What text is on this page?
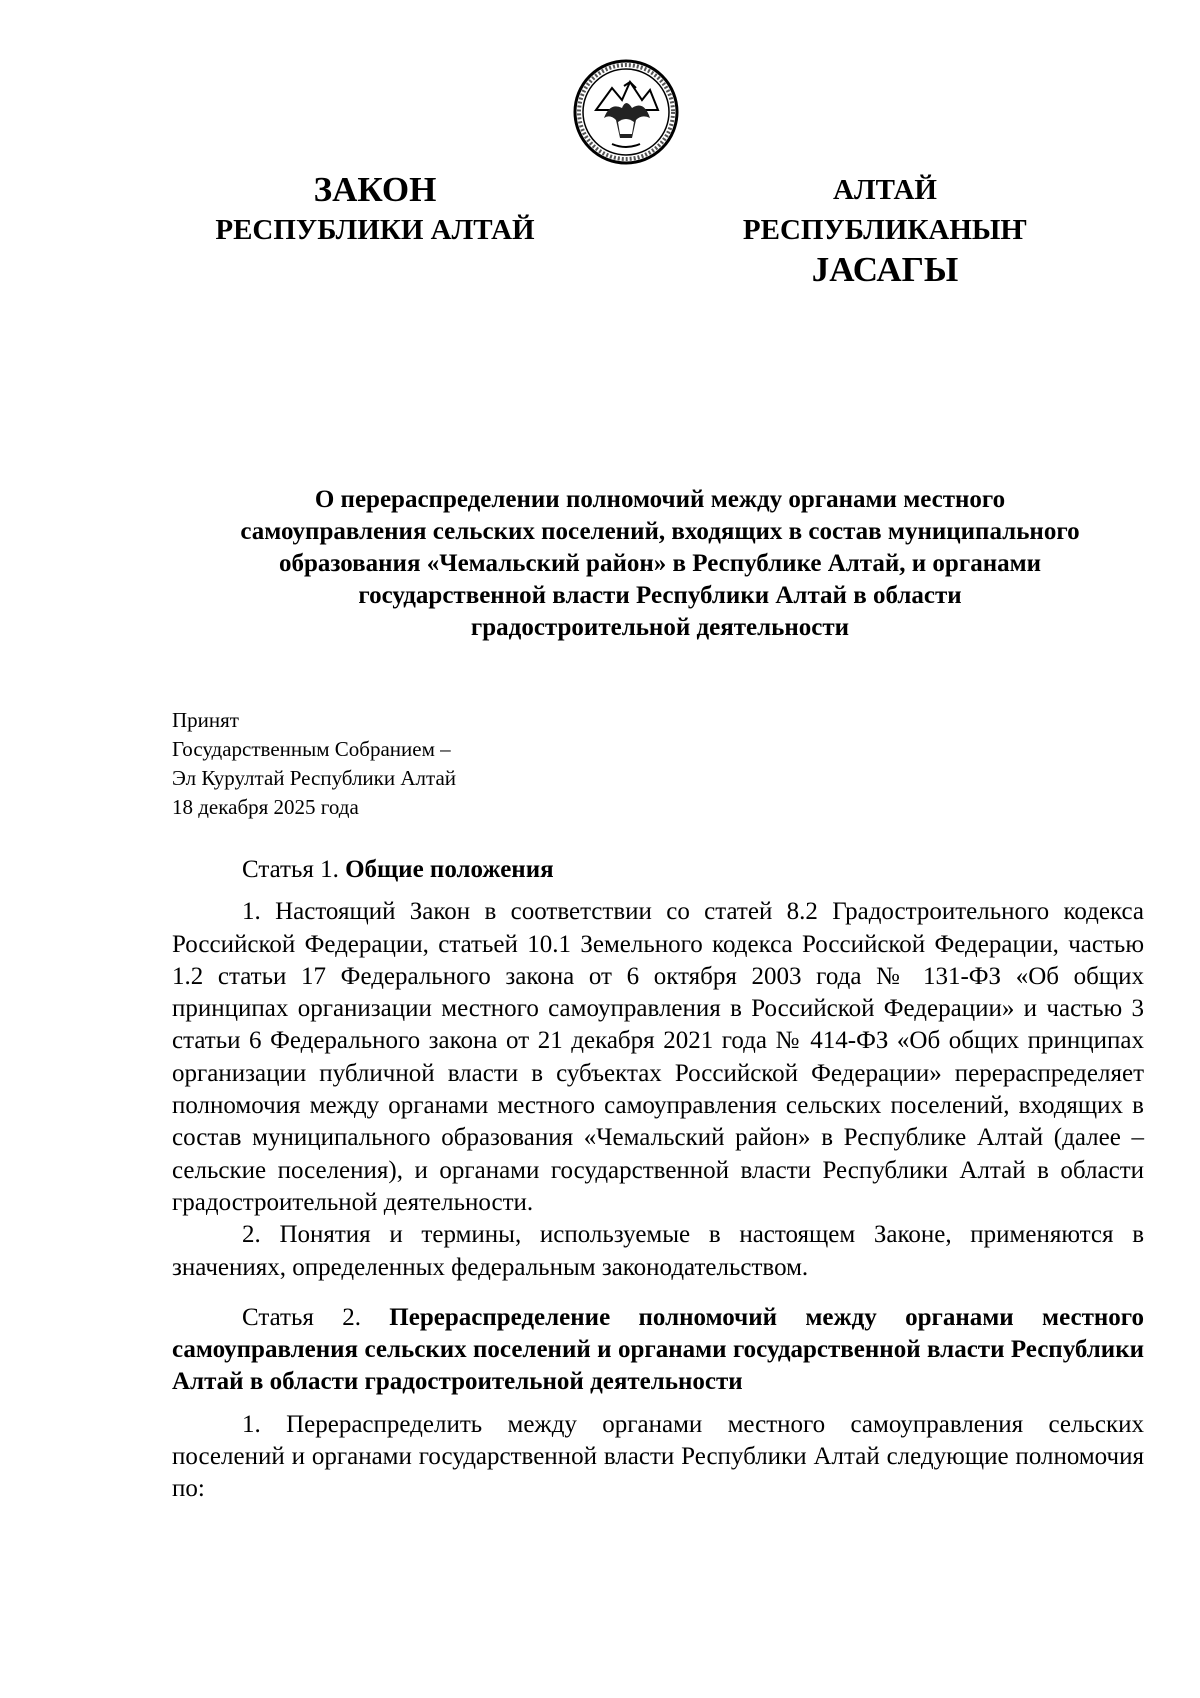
ЗАКОН
РЕСПУБЛИКИ АЛТАЙ
АЛТАЙ РЕСПУБЛИКАНЫҤ
JАСАГЫ
О перераспределении полномочий между органами местного
самоуправления сельских поселений, входящих в состав муниципального
образования «Чемальский район» в Республике Алтай, и органами
государственной власти Республики Алтай в области
градостроительной деятельности
Принят
Государственным Собранием –
Эл Курултай Республики Алтай
18 декабря 2025 года

Статья 1. Общие положения

1. Настоящий Закон в соответствии со статей 8.2 Градостроительного кодекса Российской Федерации, статьей 10.1 Земельного кодекса Российской Федерации, частью 1.2 статьи 17 Федерального закона от 6 октября 2003 года № 131-ФЗ «Об общих принципах организации местного самоуправления в Российской Федерации» и частью 3 статьи 6 Федерального закона от 21 декабря 2021 года № 414-ФЗ «Об общих принципах организации публичной власти в субъектах Российской Федерации» перераспределяет полномочия между органами местного самоуправления сельских поселений, входящих в состав муниципального образования «Чемальский район» в Республике Алтай (далее – сельские поселения), и органами государственной власти Республики Алтай в области градостроительной деятельности.

2. Понятия и термины, используемые в настоящем Законе, применяются в значениях, определенных федеральным законодательством.

Статья 2. Перераспределение полномочий между органами местного самоуправления сельских поселений и органами государственной власти Республики Алтай в области градостроительной деятельности

1. Перераспределить между органами местного самоуправления сельских поселений и органами государственной власти Республики Алтай следующие полномочия по:
